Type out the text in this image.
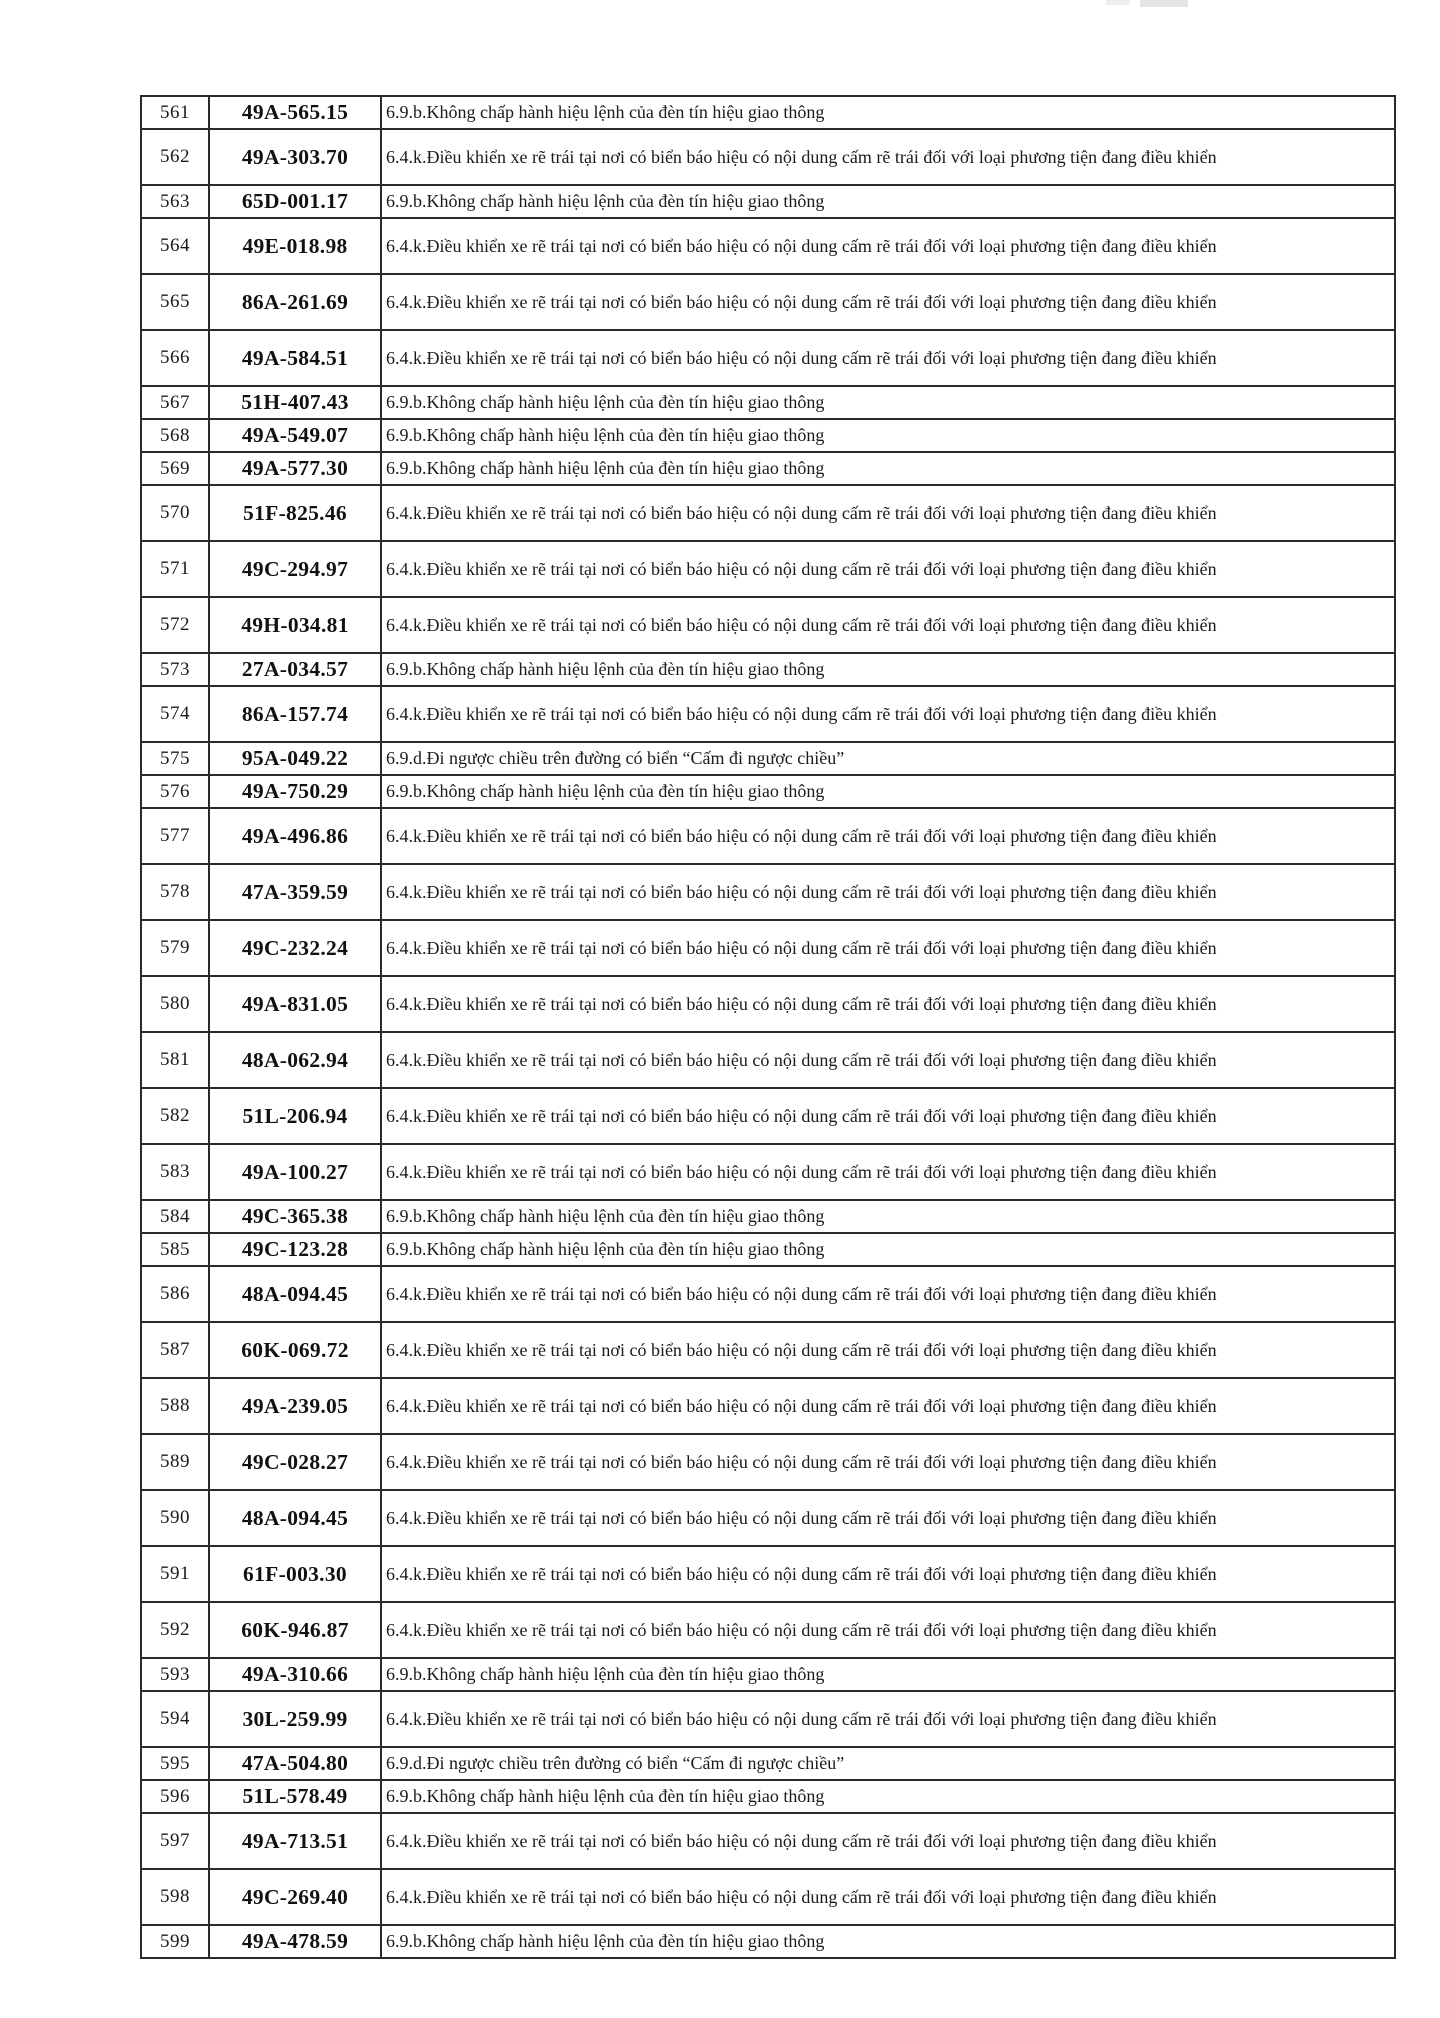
561	49A-565.15	6.9.b.Không chấp hành hiệu lệnh của đèn tín hiệu giao thông

562	49A-303.70	6.4.k.Điều khiển xe rẽ trái tại nơi có biển báo hiệu có nội dung cấm rẽ trái đối với loại phương tiện đang điều khiển

563	65D-001.17	6.9.b.Không chấp hành hiệu lệnh của đèn tín hiệu giao thông

564	49E-018.98	6.4.k.Điều khiển xe rẽ trái tại nơi có biển báo hiệu có nội dung cấm rẽ trái đối với loại phương tiện đang điều khiển

565	86A-261.69	6.4.k.Điều khiển xe rẽ trái tại nơi có biển báo hiệu có nội dung cấm rẽ trái đối với loại phương tiện đang điều khiển

566	49A-584.51	6.4.k.Điều khiển xe rẽ trái tại nơi có biển báo hiệu có nội dung cấm rẽ trái đối với loại phương tiện đang điều khiển

567	51H-407.43	6.9.b.Không chấp hành hiệu lệnh của đèn tín hiệu giao thông

568	49A-549.07	6.9.b.Không chấp hành hiệu lệnh của đèn tín hiệu giao thông

569	49A-577.30	6.9.b.Không chấp hành hiệu lệnh của đèn tín hiệu giao thông

570	51F-825.46	6.4.k.Điều khiển xe rẽ trái tại nơi có biển báo hiệu có nội dung cấm rẽ trái đối với loại phương tiện đang điều khiển

571	49C-294.97	6.4.k.Điều khiển xe rẽ trái tại nơi có biển báo hiệu có nội dung cấm rẽ trái đối với loại phương tiện đang điều khiển

572	49H-034.81	6.4.k.Điều khiển xe rẽ trái tại nơi có biển báo hiệu có nội dung cấm rẽ trái đối với loại phương tiện đang điều khiển

573	27A-034.57	6.9.b.Không chấp hành hiệu lệnh của đèn tín hiệu giao thông

574	86A-157.74	6.4.k.Điều khiển xe rẽ trái tại nơi có biển báo hiệu có nội dung cấm rẽ trái đối với loại phương tiện đang điều khiển

575	95A-049.22	6.9.d.Đi ngược chiều trên đường có biển “Cấm đi ngược chiều”

576	49A-750.29	6.9.b.Không chấp hành hiệu lệnh của đèn tín hiệu giao thông

577	49A-496.86	6.4.k.Điều khiển xe rẽ trái tại nơi có biển báo hiệu có nội dung cấm rẽ trái đối với loại phương tiện đang điều khiển

578	47A-359.59	6.4.k.Điều khiển xe rẽ trái tại nơi có biển báo hiệu có nội dung cấm rẽ trái đối với loại phương tiện đang điều khiển

579	49C-232.24	6.4.k.Điều khiển xe rẽ trái tại nơi có biển báo hiệu có nội dung cấm rẽ trái đối với loại phương tiện đang điều khiển

580	49A-831.05	6.4.k.Điều khiển xe rẽ trái tại nơi có biển báo hiệu có nội dung cấm rẽ trái đối với loại phương tiện đang điều khiển

581	48A-062.94	6.4.k.Điều khiển xe rẽ trái tại nơi có biển báo hiệu có nội dung cấm rẽ trái đối với loại phương tiện đang điều khiển

582	51L-206.94	6.4.k.Điều khiển xe rẽ trái tại nơi có biển báo hiệu có nội dung cấm rẽ trái đối với loại phương tiện đang điều khiển

583	49A-100.27	6.4.k.Điều khiển xe rẽ trái tại nơi có biển báo hiệu có nội dung cấm rẽ trái đối với loại phương tiện đang điều khiển

584	49C-365.38	6.9.b.Không chấp hành hiệu lệnh của đèn tín hiệu giao thông

585	49C-123.28	6.9.b.Không chấp hành hiệu lệnh của đèn tín hiệu giao thông

586	48A-094.45	6.4.k.Điều khiển xe rẽ trái tại nơi có biển báo hiệu có nội dung cấm rẽ trái đối với loại phương tiện đang điều khiển

587	60K-069.72	6.4.k.Điều khiển xe rẽ trái tại nơi có biển báo hiệu có nội dung cấm rẽ trái đối với loại phương tiện đang điều khiển

588	49A-239.05	6.4.k.Điều khiển xe rẽ trái tại nơi có biển báo hiệu có nội dung cấm rẽ trái đối với loại phương tiện đang điều khiển

589	49C-028.27	6.4.k.Điều khiển xe rẽ trái tại nơi có biển báo hiệu có nội dung cấm rẽ trái đối với loại phương tiện đang điều khiển

590	48A-094.45	6.4.k.Điều khiển xe rẽ trái tại nơi có biển báo hiệu có nội dung cấm rẽ trái đối với loại phương tiện đang điều khiển

591	61F-003.30	6.4.k.Điều khiển xe rẽ trái tại nơi có biển báo hiệu có nội dung cấm rẽ trái đối với loại phương tiện đang điều khiển

592	60K-946.87	6.4.k.Điều khiển xe rẽ trái tại nơi có biển báo hiệu có nội dung cấm rẽ trái đối với loại phương tiện đang điều khiển

593	49A-310.66	6.9.b.Không chấp hành hiệu lệnh của đèn tín hiệu giao thông

594	30L-259.99	6.4.k.Điều khiển xe rẽ trái tại nơi có biển báo hiệu có nội dung cấm rẽ trái đối với loại phương tiện đang điều khiển

595	47A-504.80	6.9.d.Đi ngược chiều trên đường có biển “Cấm đi ngược chiều”

596	51L-578.49	6.9.b.Không chấp hành hiệu lệnh của đèn tín hiệu giao thông

597	49A-713.51	6.4.k.Điều khiển xe rẽ trái tại nơi có biển báo hiệu có nội dung cấm rẽ trái đối với loại phương tiện đang điều khiển

598	49C-269.40	6.4.k.Điều khiển xe rẽ trái tại nơi có biển báo hiệu có nội dung cấm rẽ trái đối với loại phương tiện đang điều khiển

599	49A-478.59	6.9.b.Không chấp hành hiệu lệnh của đèn tín hiệu giao thông
